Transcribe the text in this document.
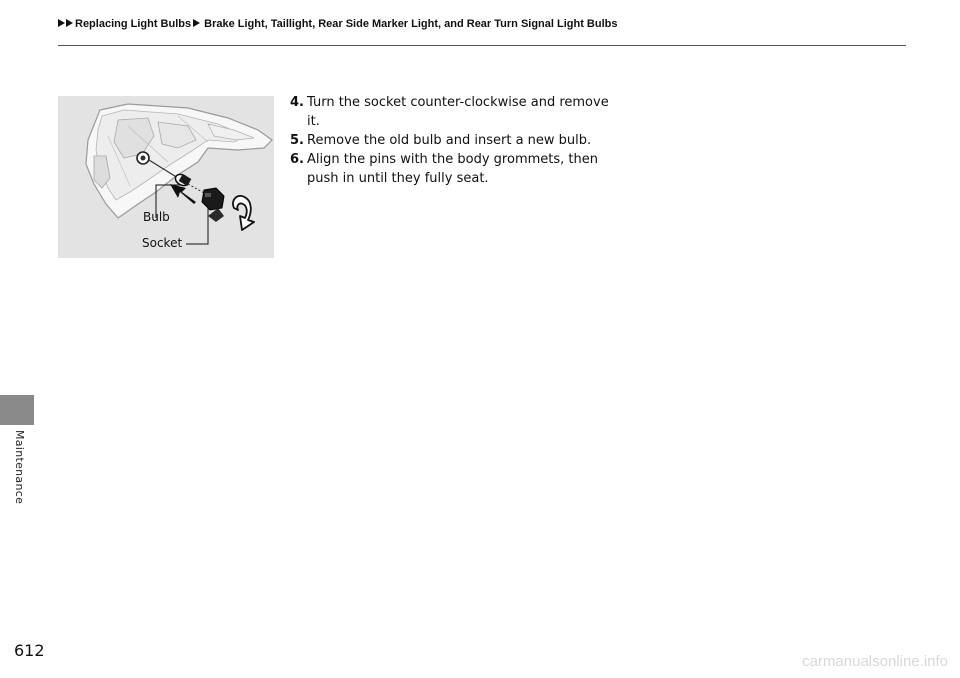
Replacing Light Bulbs Brake Light, Taillight, Rear Side Marker Light, and Rear Turn Signal Light Bulbs
Maintenance
Bulb
Socket
4. Turn the socket counter-clockwise and remove it.
5. Remove the old bulb and insert a new bulb.
6. Align the pins with the body grommets, then push in until they fully seat.
612
carmanualsonline.info
